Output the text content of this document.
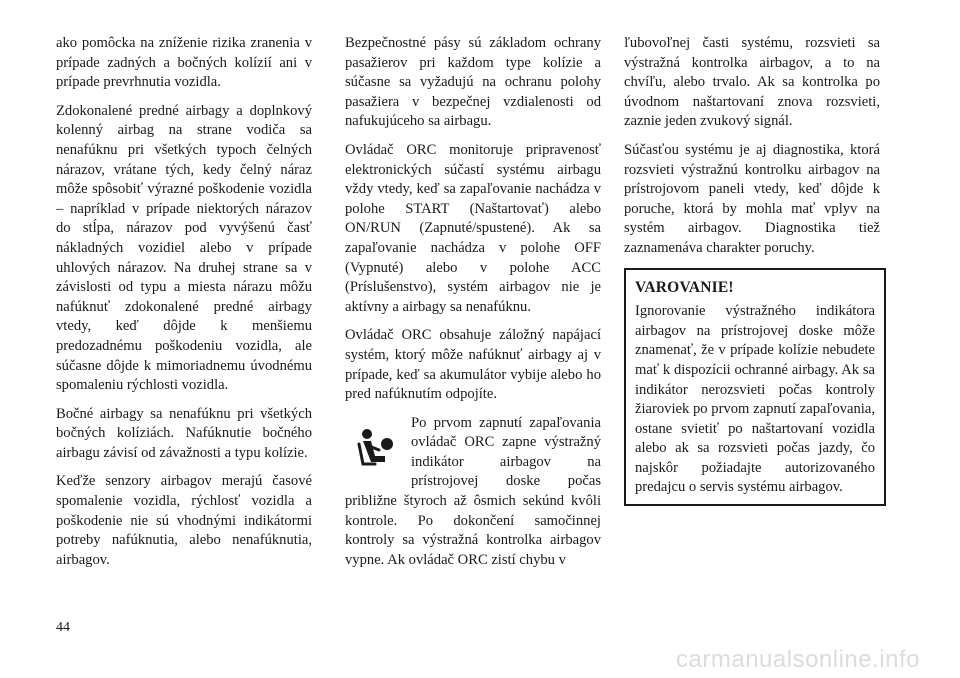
ako pomôcka na zníženie rizika zranenia v prípade zadných a bočných kolízií ani v prípade prevrhnutia vozidla.

Zdokonalené predné airbagy a doplnkový kolenný airbag na strane vodiča sa nenafúknu pri všetkých typoch čelných nárazov, vrátane tých, kedy čelný náraz môže spôsobiť výrazné poškodenie vozidla – napríklad v prípade niektorých nárazov do stĺpa, nárazov pod vyvýšenú časť nákladných vozidiel alebo v prípade uhlových nárazov. Na druhej strane sa v závislosti od typu a miesta nárazu môžu nafúknuť zdokonalené predné airbagy vtedy, keď dôjde k menšiemu predozadnému poškodeniu vozidla, ale súčasne dôjde k mimoriadnemu úvodnému spomaleniu rýchlosti vozidla.

Bočné airbagy sa nenafúknu pri všetkých bočných kolíziách. Nafúknutie bočného airbagu závisí od závažnosti a typu kolízie.

Keďže senzory airbagov merajú časové spomalenie vozidla, rýchlosť vozidla a poškodenie nie sú vhodnými indikátormi potreby nafúknutia, alebo nenafúknutia, airbagov.

Bezpečnostné pásy sú základom ochrany pasažierov pri každom type kolízie a súčasne sa vyžadujú na ochranu polohy pasažiera v bezpečnej vzdialenosti od nafukujúceho sa airbagu.

Ovládač ORC monitoruje pripravenosť elektronických súčastí systému airbagu vždy vtedy, keď sa zapaľovanie nachádza v polohe START (Naštartovať) alebo ON/RUN (Zapnuté/spustené). Ak sa zapaľovanie nachádza v polohe OFF (Vypnuté) alebo v polohe ACC (Príslušenstvo), systém airbagov nie je aktívny a airbagy sa nenafúknu.

Ovládač ORC obsahuje záložný napájací systém, ktorý môže nafúknuť airbagy aj v prípade, keď sa akumulátor vybije alebo ho pred nafúknutím odpojíte.

Po prvom zapnutí zapaľovania ovládač ORC zapne výstražný indikátor airbagov na prístrojovej doske počas približne štyroch až ôsmich sekúnd kvôli kontrole. Po dokončení samočinnej kontroly sa výstražná kontrolka airbagov vypne. Ak ovládač ORC zistí chybu v

ľubovoľnej časti systému, rozsvieti sa výstražná kontrolka airbagov, a to na chvíľu, alebo trvalo. Ak sa kontrolka po úvodnom naštartovaní znova rozsvieti, zaznie jeden zvukový signál.

Súčasťou systému je aj diagnostika, ktorá rozsvieti výstražnú kontrolku airbagov na prístrojovom paneli vtedy, keď dôjde k poruche, ktorá by mohla mať vplyv na systém airbagov. Diagnostika tiež zaznamenáva charakter poruchy.

VAROVANIE!

Ignorovanie výstražného indikátora airbagov na prístrojovej doske môže znamenať, že v prípade kolízie nebudete mať k dispozícii ochranné airbagy. Ak sa indikátor nerozsvieti počas kontroly žiaroviek po prvom zapnutí zapaľovania, ostane svietiť po naštartovaní vozidla alebo ak sa rozsvieti počas jazdy, čo najskôr požiadajte autorizovaného predajcu o servis systému airbagov.

44
carmanualsonline.info
